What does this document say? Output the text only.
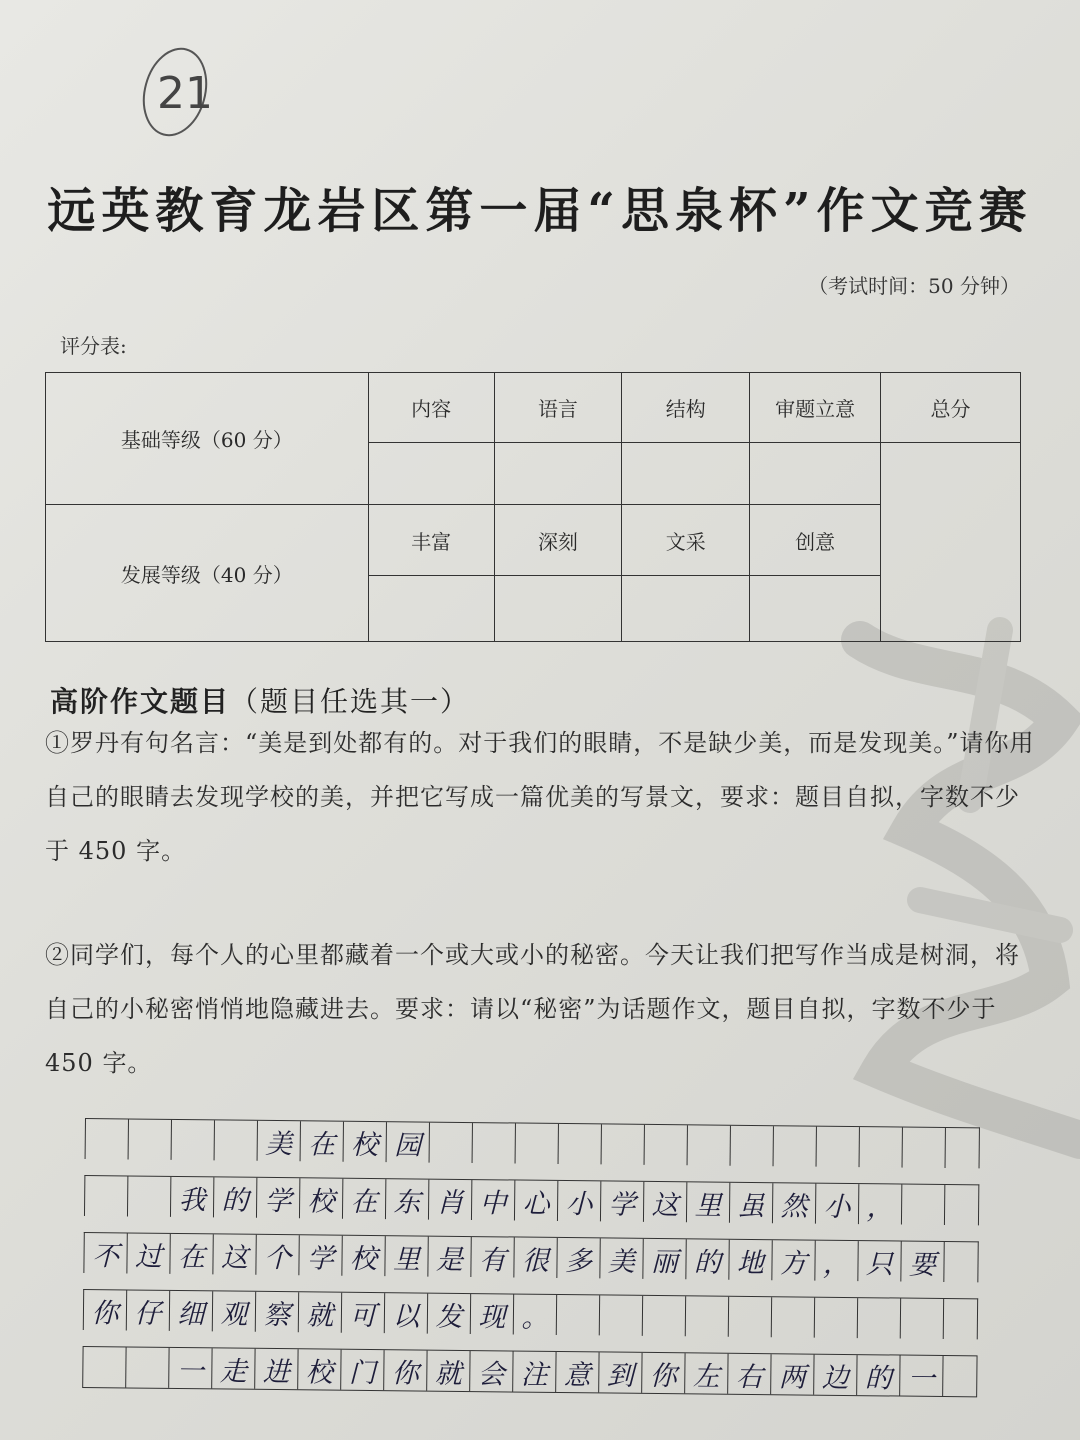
21
远英教育龙岩区第一届“思泉杯”作文竞赛
（考试时间：50 分钟）
评分表:
基础等级（60 分）	内容	语言	结构	审题立意	总分

发展等级（40 分）	丰富	深刻	文采	创意	

高阶作文题目（题目任选其一）
①罗丹有句名言：“美是到处都有的。对于我们的眼睛，不是缺少美，而是发现美。”请你用自己的眼睛去发现学校的美，并把它写成一篇优美的写景文，要求：题目自拟，字数不少于 450 字。
②同学们，每个人的心里都藏着一个或大或小的秘密。今天让我们把写作当成是树洞，将自己的小秘密悄悄地隐藏进去。要求：请以“秘密”为话题作文，题目自拟，字数不少于 450 字。
美 在 校 园
我 的 学 校 在 东 肖 中 心 小 学 这 里 虽 然 小 ，
不 过 在 这 个 学 校 里 是 有 很 多 美 丽 的 地 方 ， 只 要
你 仔 细 观 察 就 可 以 发 现 。
一 走 进 校 门 你 就 会 注 意 到 你 左 右 两 边 的 一
